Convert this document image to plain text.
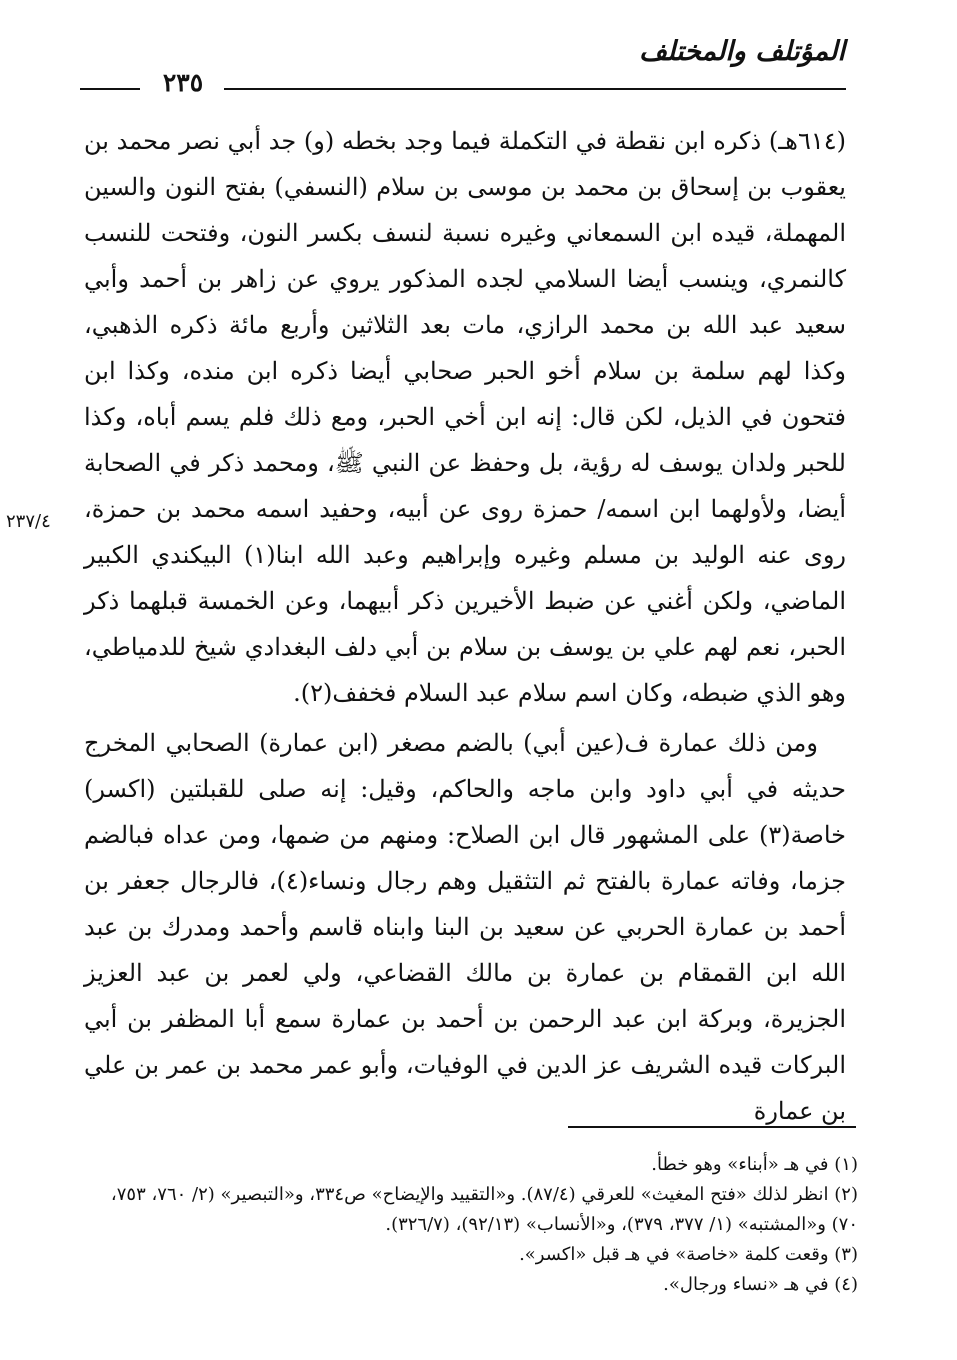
المؤتلف والمختلف
٢٣٥
٢٣٧/٤

(٦١٤هـ) ذكره ابن نقطة في التكملة فيما وجد بخطه (و) جد أبي نصر محمد بن يعقوب بن إسحاق بن محمد بن موسى بن سلام (النسفي) بفتح النون والسين المهملة، قيده ابن السمعاني وغيره نسبة لنسف بكسر النون، وفتحت للنسب كالنمري، وينسب أيضا السلامي لجده المذكور يروي عن زاهر بن أحمد وأبي سعيد عبد الله بن محمد الرازي، مات بعد الثلاثين وأربع مائة ذكره الذهبي، وكذا لهم سلمة بن سلام أخو الحبر صحابي أيضا ذكره ابن منده، وكذا ابن فتحون في الذيل، لكن قال: إنه ابن أخي الحبر، ومع ذلك فلم يسم أباه، وكذا للحبر ولدان يوسف له رؤية، بل وحفظ عن النبي ﷺ، ومحمد ذكر في الصحابة أيضا، ولأولهما ابن اسمه/ حمزة روى عن أبيه، وحفيد اسمه محمد بن حمزة، روى عنه الوليد بن مسلم وغيره وإبراهيم وعبد الله ابنا(١) البيكندي الكبير الماضي، ولكن أغني عن ضبط الأخيرين ذكر أبيهما، وعن الخمسة قبلهما ذكر الحبر، نعم لهم علي بن يوسف بن سلام بن أبي دلف البغدادي شيخ للدمياطي، وهو الذي ضبطه، وكان اسم سلام عبد السلام فخفف(٢).

ومن ذلك عمارة ف(عين أبي) بالضم مصغر (ابن عمارة) الصحابي المخرج حديثه في أبي داود وابن ماجه والحاكم، وقيل: إنه صلى للقبلتين (اكسر) خاصة(٣) على المشهور قال ابن الصلاح: ومنهم من ضمها، ومن عداه فبالضم جزما، وفاته عمارة بالفتح ثم التثقيل وهم رجال ونساء(٤)، فالرجال جعفر بن أحمد بن عمارة الحربي عن سعيد بن البنا وابناه قاسم وأحمد ومدرك بن عبد الله ابن القمقام بن عمارة بن مالك القضاعي، ولي لعمر بن عبد العزيز الجزيرة، وبركة ابن عبد الرحمن بن أحمد بن عمارة سمع أبا المظفر بن أبي البركات قيده الشريف عز الدين في الوفيات، وأبو عمر محمد بن عمر بن علي بن عمارة

(١) في هـ «أبناء» وهو خطأ.

(٢) انظر لذلك «فتح المغيث» للعرقي (٨٧/٤). و«التقييد والإيضاح» ص٣٣٤، و«التبصير» (٢/ ٧٦٠، ٧٥٣، ٧٠) و«المشتبه» (١/ ٣٧٧، ٣٧٩)، و«الأنساب» (٩٢/١٣)، (٣٢٦/٧).

(٣) وقعت كلمة «خاصة» في هـ قبل «اكسر».

(٤) في هـ «نساء ورجال».
